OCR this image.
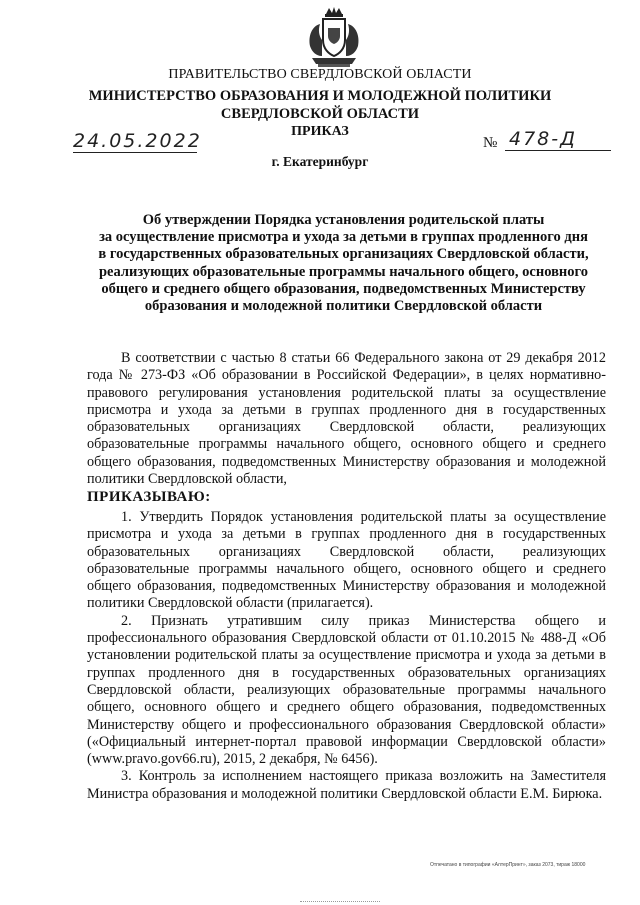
ПРАВИТЕЛЬСТВО СВЕРДЛОВСКОЙ ОБЛАСТИ
МИНИСТЕРСТВО ОБРАЗОВАНИЯ И МОЛОДЕЖНОЙ ПОЛИТИКИ
СВЕРДЛОВСКОЙ ОБЛАСТИ
ПРИКАЗ
24.05.2022	№ 478-Д
г. Екатеринбург
Об утверждении Порядка установления родительской платы
за осуществление присмотра и ухода за детьми в группах продленного дня
в государственных образовательных организациях Свердловской области,
реализующих образовательные программы начального общего, основного
общего и среднего общего образования, подведомственных Министерству
образования и молодежной политики Свердловской области

В соответствии с частью 8 статьи 66 Федерального закона от 29 декабря 2012 года № 273-ФЗ «Об образовании в Российской Федерации», в целях нормативно-правового регулирования установления родительской платы за осуществление присмотра и ухода за детьми в группах продленного дня в государственных образовательных организациях Свердловской области, реализующих образовательные программы начального общего, основного общего и среднего общего образования, подведомственных Министерству образования и молодежной политики Свердловской области,

ПРИКАЗЫВАЮ:

1. Утвердить Порядок установления родительской платы за осуществление присмотра и ухода за детьми в группах продленного дня в государственных образовательных организациях Свердловской области, реализующих образовательные программы начального общего, основного общего и среднего общего образования, подведомственных Министерству образования и молодежной политики Свердловской области (прилагается).

2. Признать утратившим силу приказ Министерства общего и профессионального образования Свердловской области от 01.10.2015 № 488-Д «Об установлении родительской платы за осуществление присмотра и ухода за детьми в группах продленного дня в государственных образовательных организациях Свердловской области, реализующих образовательные программы начального общего, основного общего и среднего общего образования, подведомственных Министерству общего и профессионального образования Свердловской области» («Официальный интернет-портал правовой информации Свердловской области» (www.pravo.gov66.ru), 2015, 2 декабря, № 6456).

3. Контроль за исполнением настоящего приказа возложить на Заместителя Министра образования и молодежной политики Свердловской области Е.М. Бирюка.

Отпечатано в типографии «АлтерПринт», заказ 2073, тираж 18000
